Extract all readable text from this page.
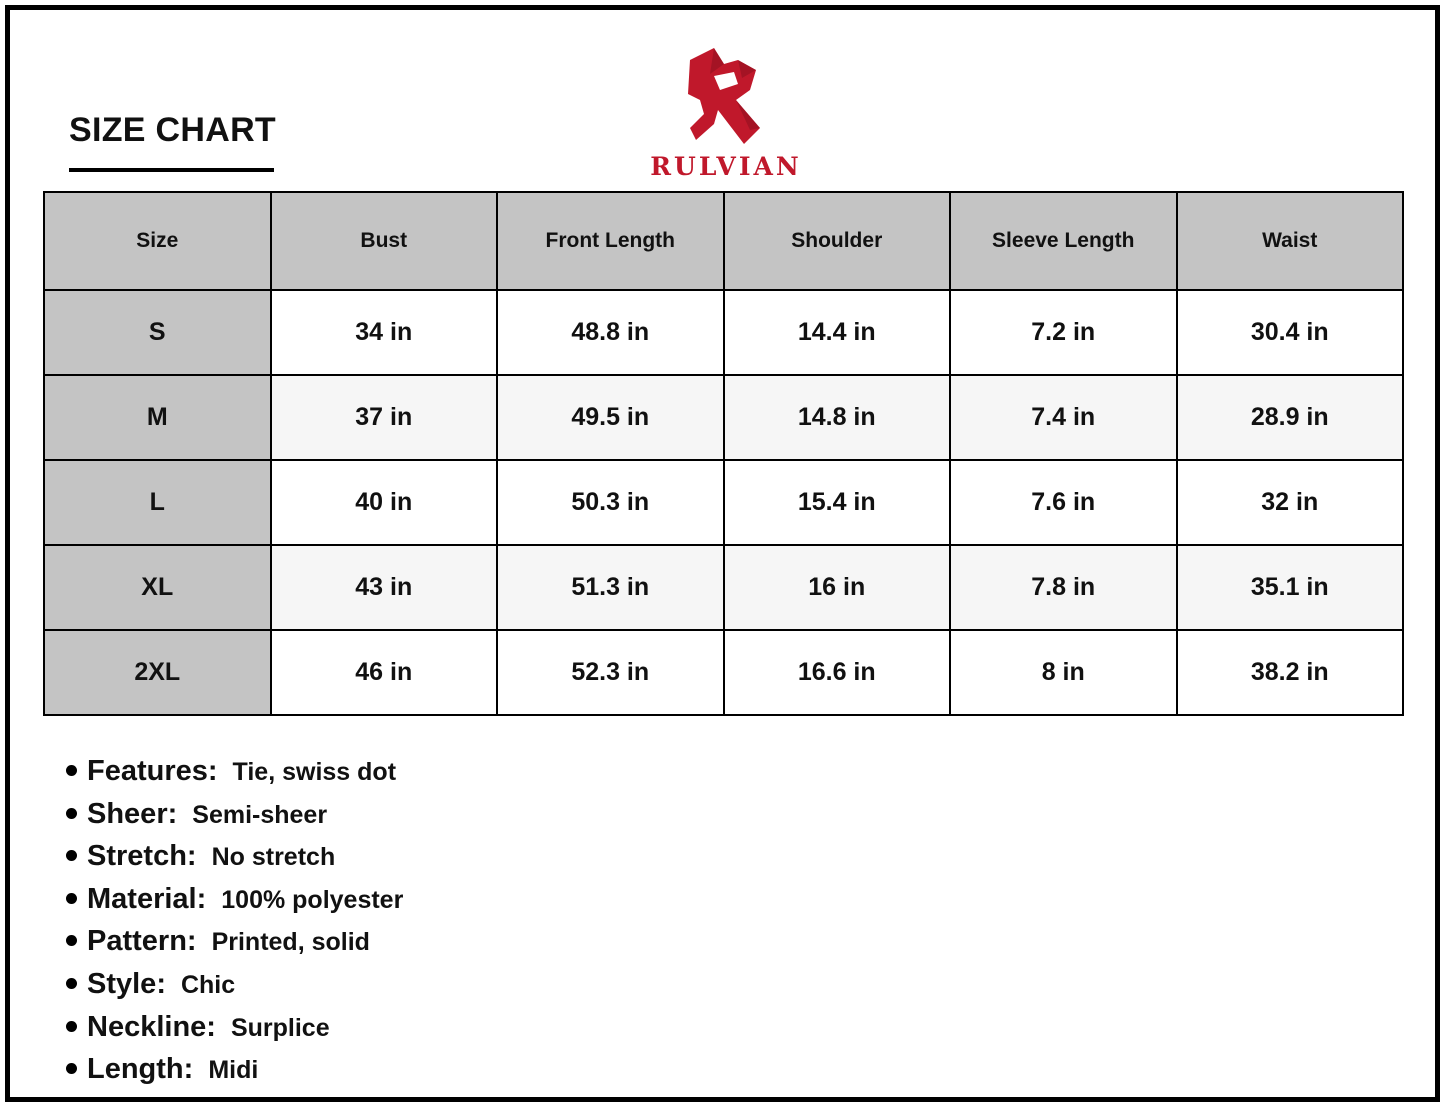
SIZE CHART
RULVIAN
Size	Bust	Front Length	Shoulder	Sleeve Length	Waist
S	34 in	48.8 in	14.4 in	7.2 in	30.4 in
M	37 in	49.5 in	14.8 in	7.4 in	28.9 in
L	40 in	50.3 in	15.4 in	7.6 in	32 in
XL	43 in	51.3 in	16 in	7.8 in	35.1 in
2XL	46 in	52.3 in	16.6 in	8 in	38.2 in
Features: Tie, swiss dot
Sheer: Semi-sheer
Stretch: No stretch
Material: 100% polyester
Pattern: Printed, solid
Style: Chic
Neckline: Surplice
Length: Midi
